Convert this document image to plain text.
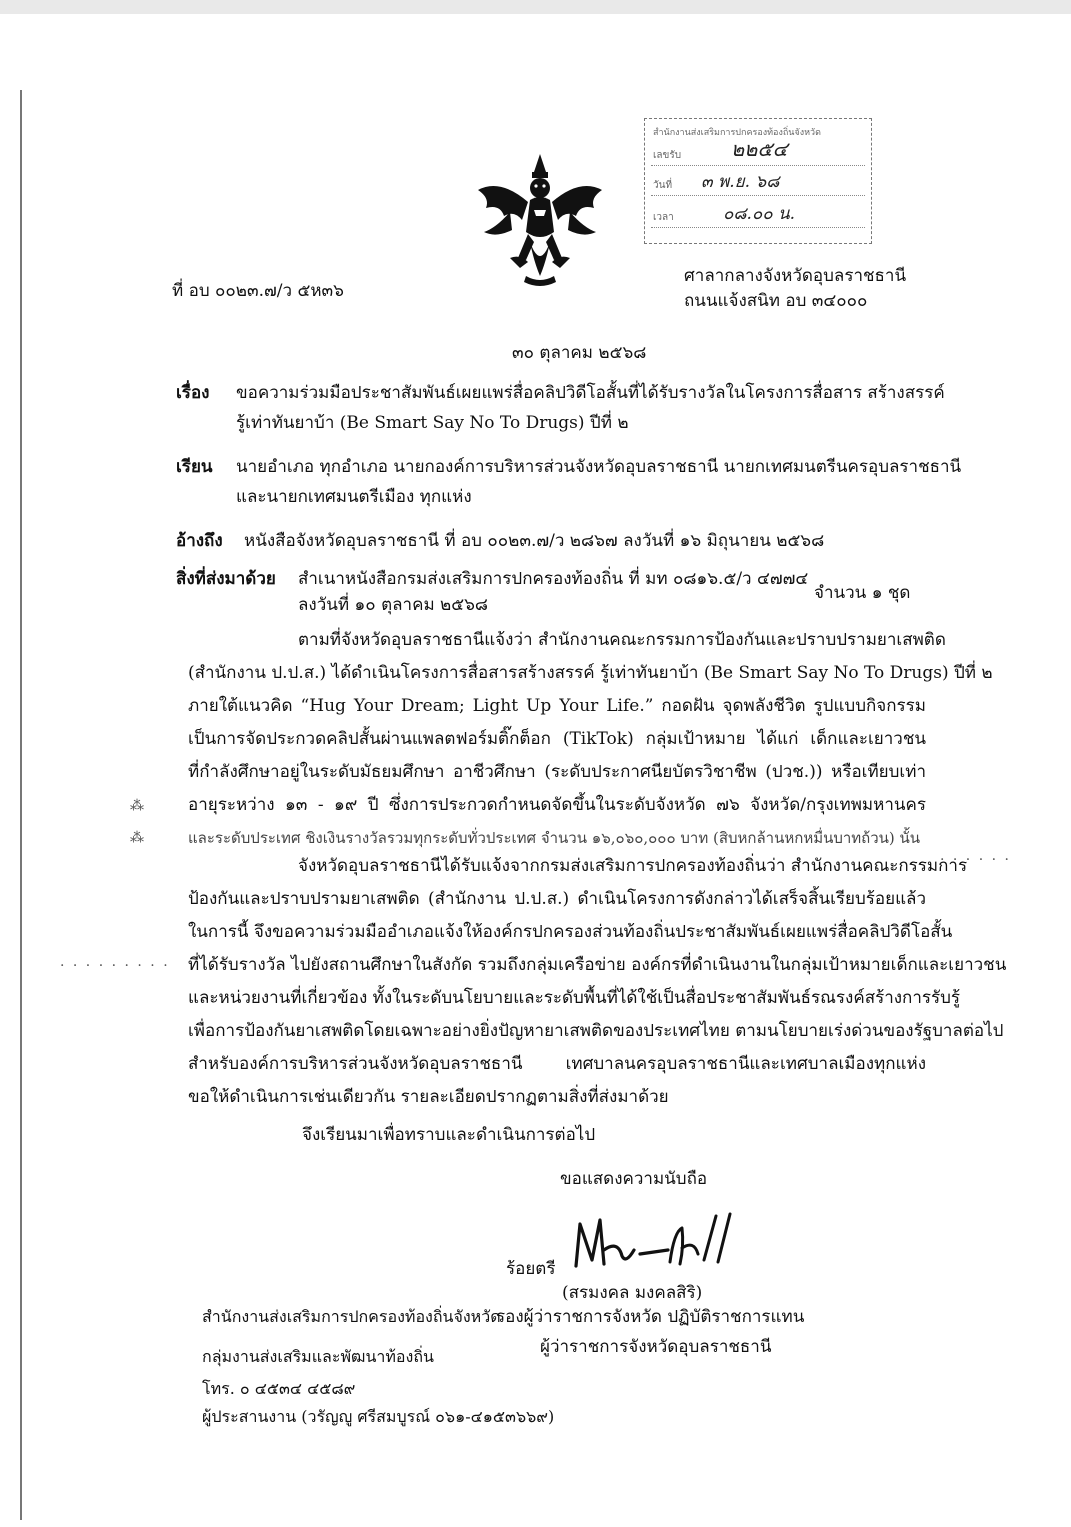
สำนักงานส่งเสริมการปกครองท้องถิ่นจังหวัด
เลขรับ ๒๒๕๔
วันที่ ๓ พ.ย. ๖๘
เวลา	๐๘.๐๐ น.
ที่ อบ ๐๐๒๓.๗/ว ๕ห๓๖
ศาลากลางจังหวัดอุบลราชธานี
ถนนแจ้งสนิท อบ ๓๔๐๐๐
๓๐ ตุลาคม ๒๕๖๘
เรื่อง ขอความร่วมมือประชาสัมพันธ์เผยแพร่สื่อคลิปวิดีโอสั้นที่ได้รับรางวัลในโครงการสื่อสาร สร้างสรรค์
รู้เท่าทันยาบ้า (Be Smart Say No To Drugs) ปีที่ ๒
เรียน นายอำเภอ ทุกอำเภอ นายกองค์การบริหารส่วนจังหวัดอุบลราชธานี นายกเทศมนตรีนครอุบลราชธานี
และนายกเทศมนตรีเมือง ทุกแห่ง
อ้างถึง หนังสือจังหวัดอุบลราชธานี ที่ อบ ๐๐๒๓.๗/ว ๒๘๖๗ ลงวันที่ ๑๖ มิถุนายน ๒๕๖๘
สิ่งที่ส่งมาด้วย สำเนาหนังสือกรมส่งเสริมการปกครองท้องถิ่น ที่ มท ๐๘๑๖.๕/ว ๔๗๗๔
ลงวันที่ ๑๐ ตุลาคม ๒๕๖๘
จำนวน ๑ ชุด
ตามที่จังหวัดอุบลราชธานีแจ้งว่า สำนักงานคณะกรรมการป้องกันและปราบปรามยาเสพติด
(สำนักงาน ป.ป.ส.) ได้ดำเนินโครงการสื่อสารสร้างสรรค์ รู้เท่าทันยาบ้า (Be Smart Say No To Drugs) ปีที่ ๒
ภายใต้แนวคิด “Hug Your Dream; Light Up Your Life.” กอดฝัน จุดพลังชีวิต รูปแบบกิจกรรม
เป็นการจัดประกวดคลิปสั้นผ่านแพลตฟอร์มติ๊กต็อก (TikTok) กลุ่มเป้าหมาย ได้แก่ เด็กและเยาวชน
ที่กำลังศึกษาอยู่ในระดับมัธยมศึกษา อาชีวศึกษา (ระดับประกาศนียบัตรวิชาชีพ (ปวช.)) หรือเทียบเท่า
อายุระหว่าง ๑๓ - ๑๙ ปี ซึ่งการประกวดกำหนดจัดขึ้นในระดับจังหวัด ๗๖ จังหวัด/กรุงเทพมหานคร
และระดับประเทศ ชิงเงินรางวัลรวมทุกระดับทั่วประเทศ จำนวน ๑๖,๐๖๐,๐๐๐ บาท (สิบหกล้านหกหมื่นบาทถ้วน) นั้น
จังหวัดอุบลราชธานีได้รับแจ้งจากกรมส่งเสริมการปกครองท้องถิ่นว่า สำนักงานคณะกรรมการ
ป้องกันและปราบปรามยาเสพติด (สำนักงาน ป.ป.ส.) ดำเนินโครงการดังกล่าวได้เสร็จสิ้นเรียบร้อยแล้ว
ในการนี้ จึงขอความร่วมมืออำเภอแจ้งให้องค์กรปกครองส่วนท้องถิ่นประชาสัมพันธ์เผยแพร่สื่อคลิปวิดีโอสั้น
ที่ได้รับรางวัล ไปยังสถานศึกษาในสังกัด รวมถึงกลุ่มเครือข่าย องค์กรที่ดำเนินงานในกลุ่มเป้าหมายเด็กและเยาวชน
และหน่วยงานที่เกี่ยวข้อง ทั้งในระดับนโยบายและระดับพื้นที่ได้ใช้เป็นสื่อประชาสัมพันธ์รณรงค์สร้างการรับรู้
เพื่อการป้องกันยาเสพติดโดยเฉพาะอย่างยิ่งปัญหายาเสพติดของประเทศไทย ตามนโยบายเร่งด่วนของรัฐบาลต่อไป
สำหรับองค์การบริหารส่วนจังหวัดอุบลราชธานี เทศบาลนครอุบลราชธานีและเทศบาลเมืองทุกแห่ง
ขอให้ดำเนินการเช่นเดียวกัน รายละเอียดปรากฏตามสิ่งที่ส่งมาด้วย
จึงเรียนมาเพื่อทราบและดำเนินการต่อไป
ขอแสดงความนับถือ
ร้อยตรี
(สรมงคล มงคลสิริ)
รองผู้ว่าราชการจังหวัด ปฏิบัติราชการแทน
ผู้ว่าราชการจังหวัดอุบลราชธานี
สำนักงานส่งเสริมการปกครองท้องถิ่นจังหวัด
กลุ่มงานส่งเสริมและพัฒนาท้องถิ่น
โทร. ๐ ๔๕๓๔ ๔๕๘๙
ผู้ประสานงาน (วรัญญู ศรีสมบูรณ์ ๐๖๑-๔๑๕๓๖๖๙)
⁂
⁂
· · · · · ·
· · · · · · · · ·
